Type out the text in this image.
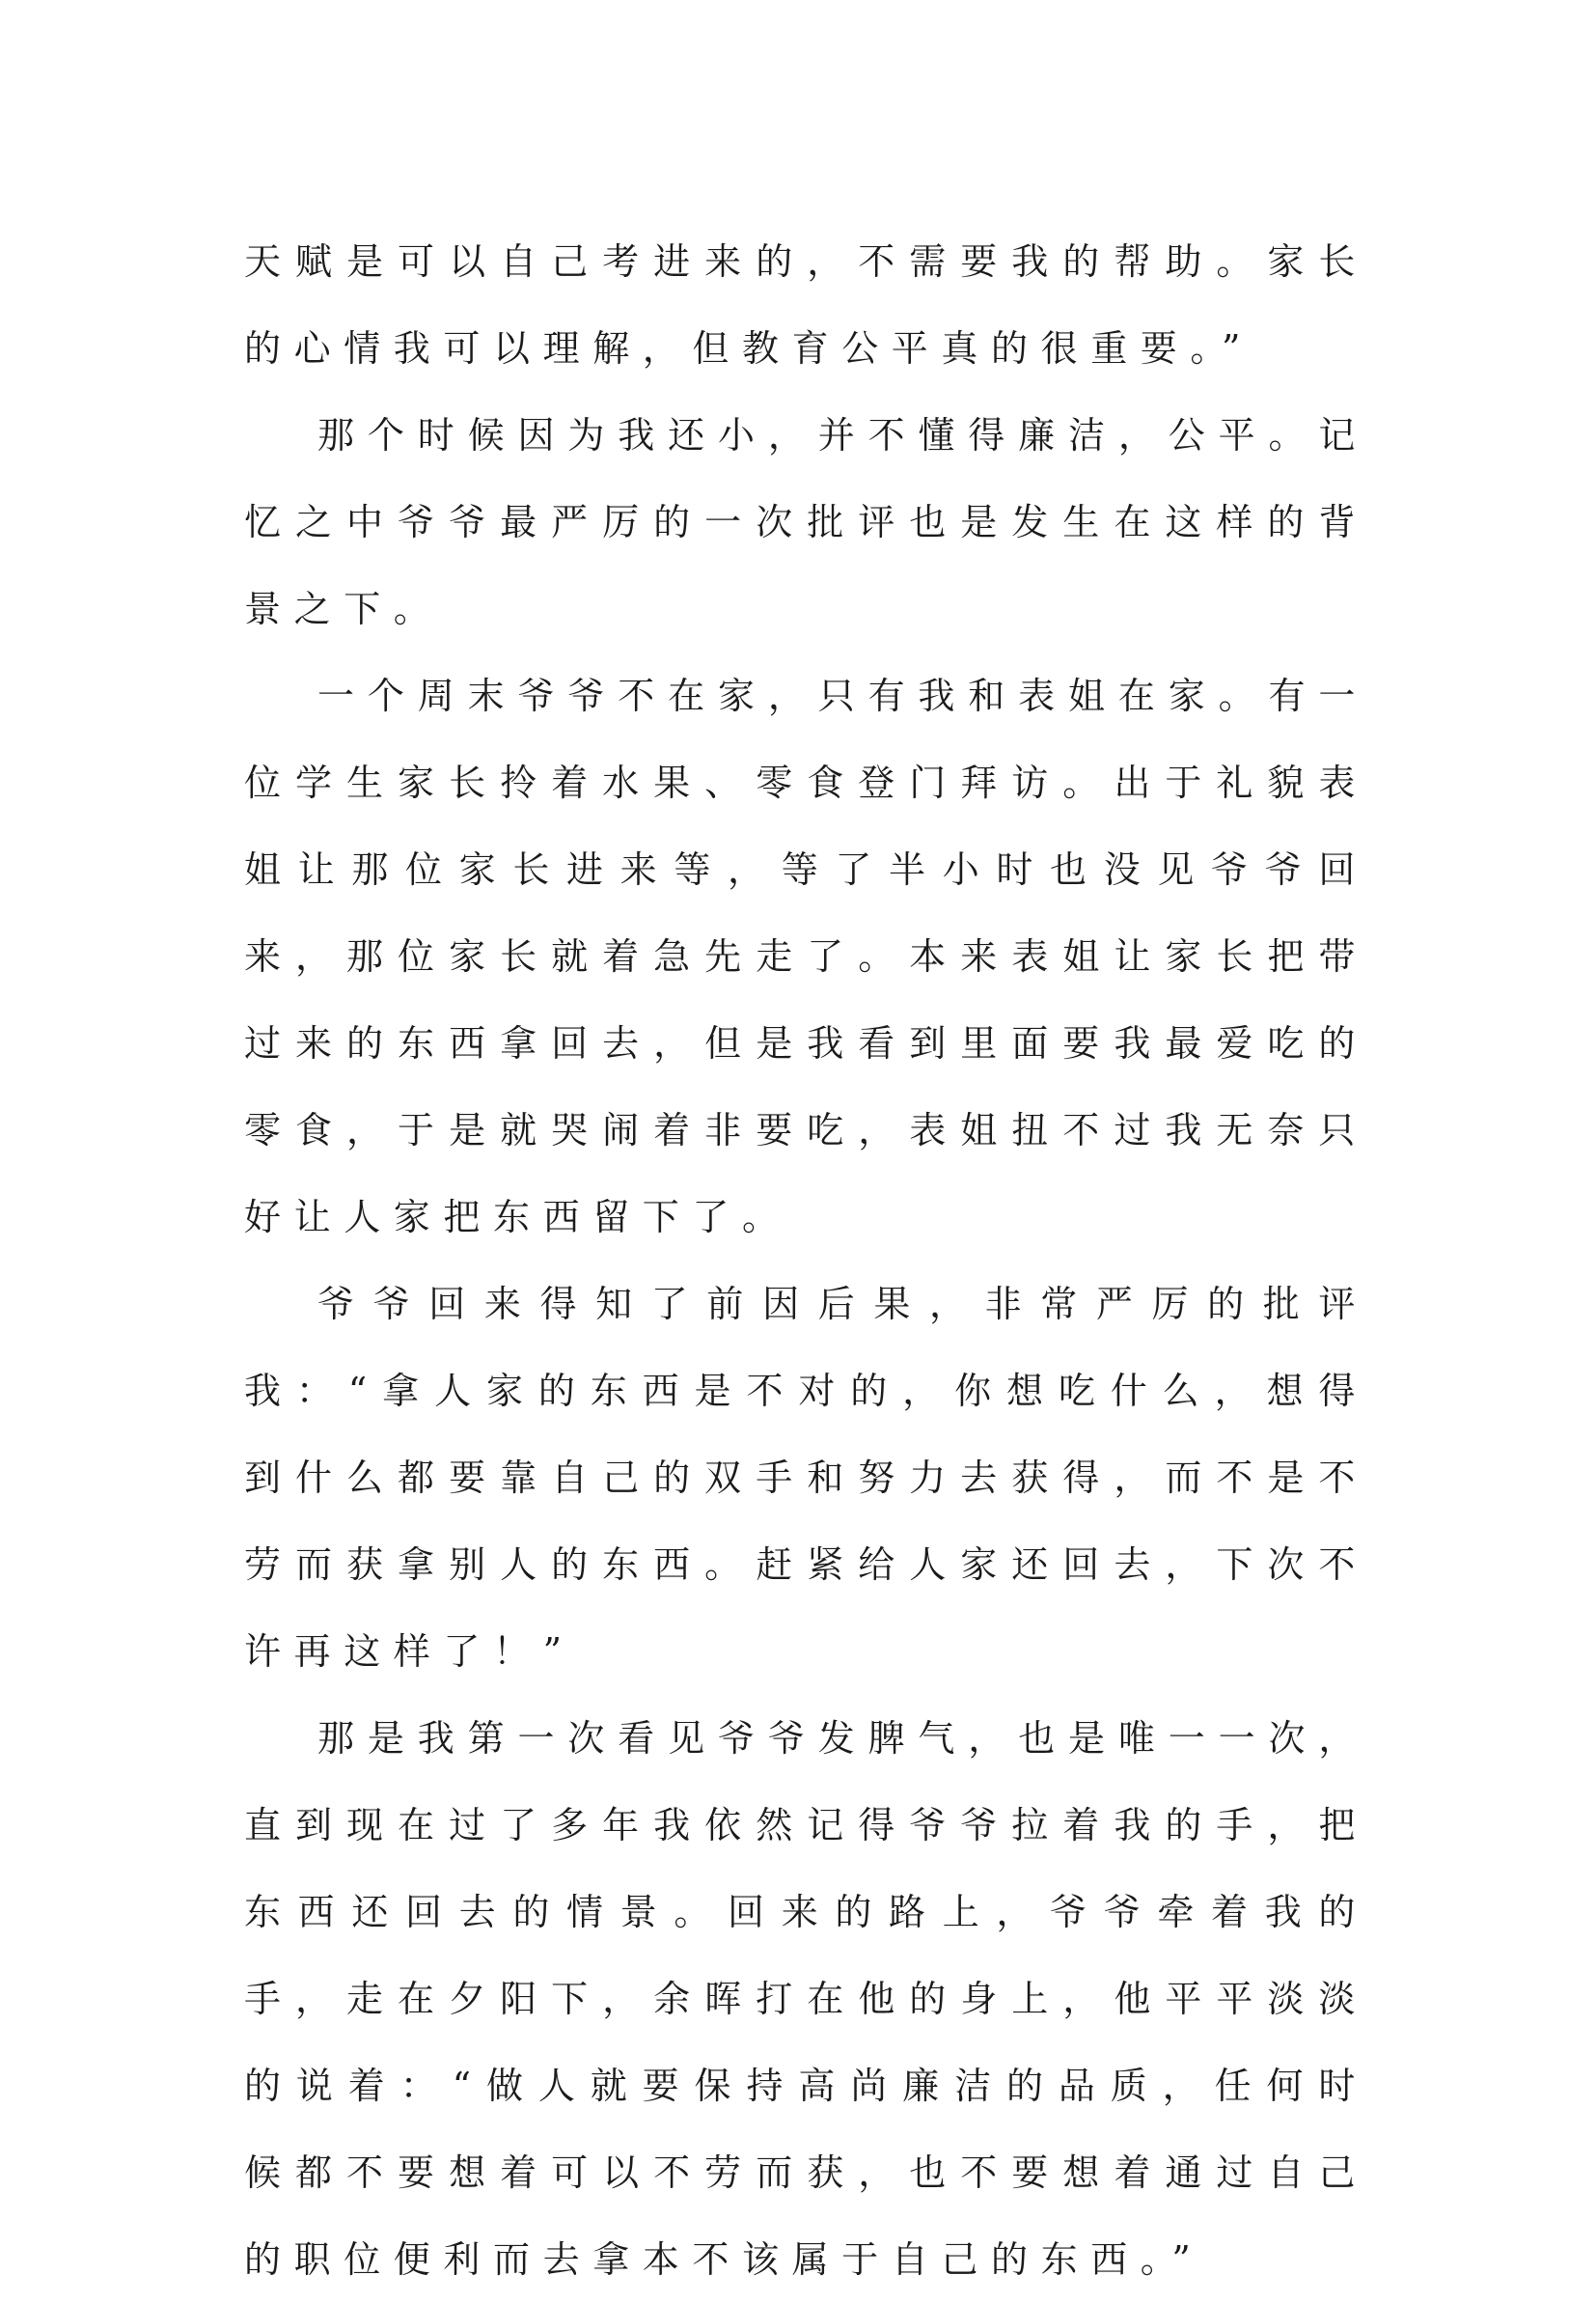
天赋是可以自己考进来的，不需要我的帮助。家长的心情我可以理解，但教育公平真的很重要。”

那个时候因为我还小，并不懂得廉洁，公平。记忆之中爷爷最严厉的一次批评也是发生在这样的背景之下。

一个周末爷爷不在家，只有我和表姐在家。有一位学生家长拎着水果、零食登门拜访。出于礼貌表姐让那位家长进来等，等了半小时也没见爷爷回来，那位家长就着急先走了。本来表姐让家长把带过来的东西拿回去，但是我看到里面要我最爱吃的零食，于是就哭闹着非要吃，表姐扭不过我无奈只好让人家把东西留下了。

爷爷回来得知了前因后果，非常严厉的批评我：“拿人家的东西是不对的，你想吃什么，想得到什么都要靠自己的双手和努力去获得，而不是不劳而获拿别人的东西。赶紧给人家还回去，下次不许再这样了！”

那是我第一次看见爷爷发脾气，也是唯一一次，直到现在过了多年我依然记得爷爷拉着我的手，把东西还回去的情景。回来的路上，爷爷牵着我的手，走在夕阳下，余晖打在他的身上，他平平淡淡的说着：“做人就要保持高尚廉洁的品质，任何时候都不要想着可以不劳而获，也不要想着通过自己的职位便利而去拿本不该属于自己的东西。”
